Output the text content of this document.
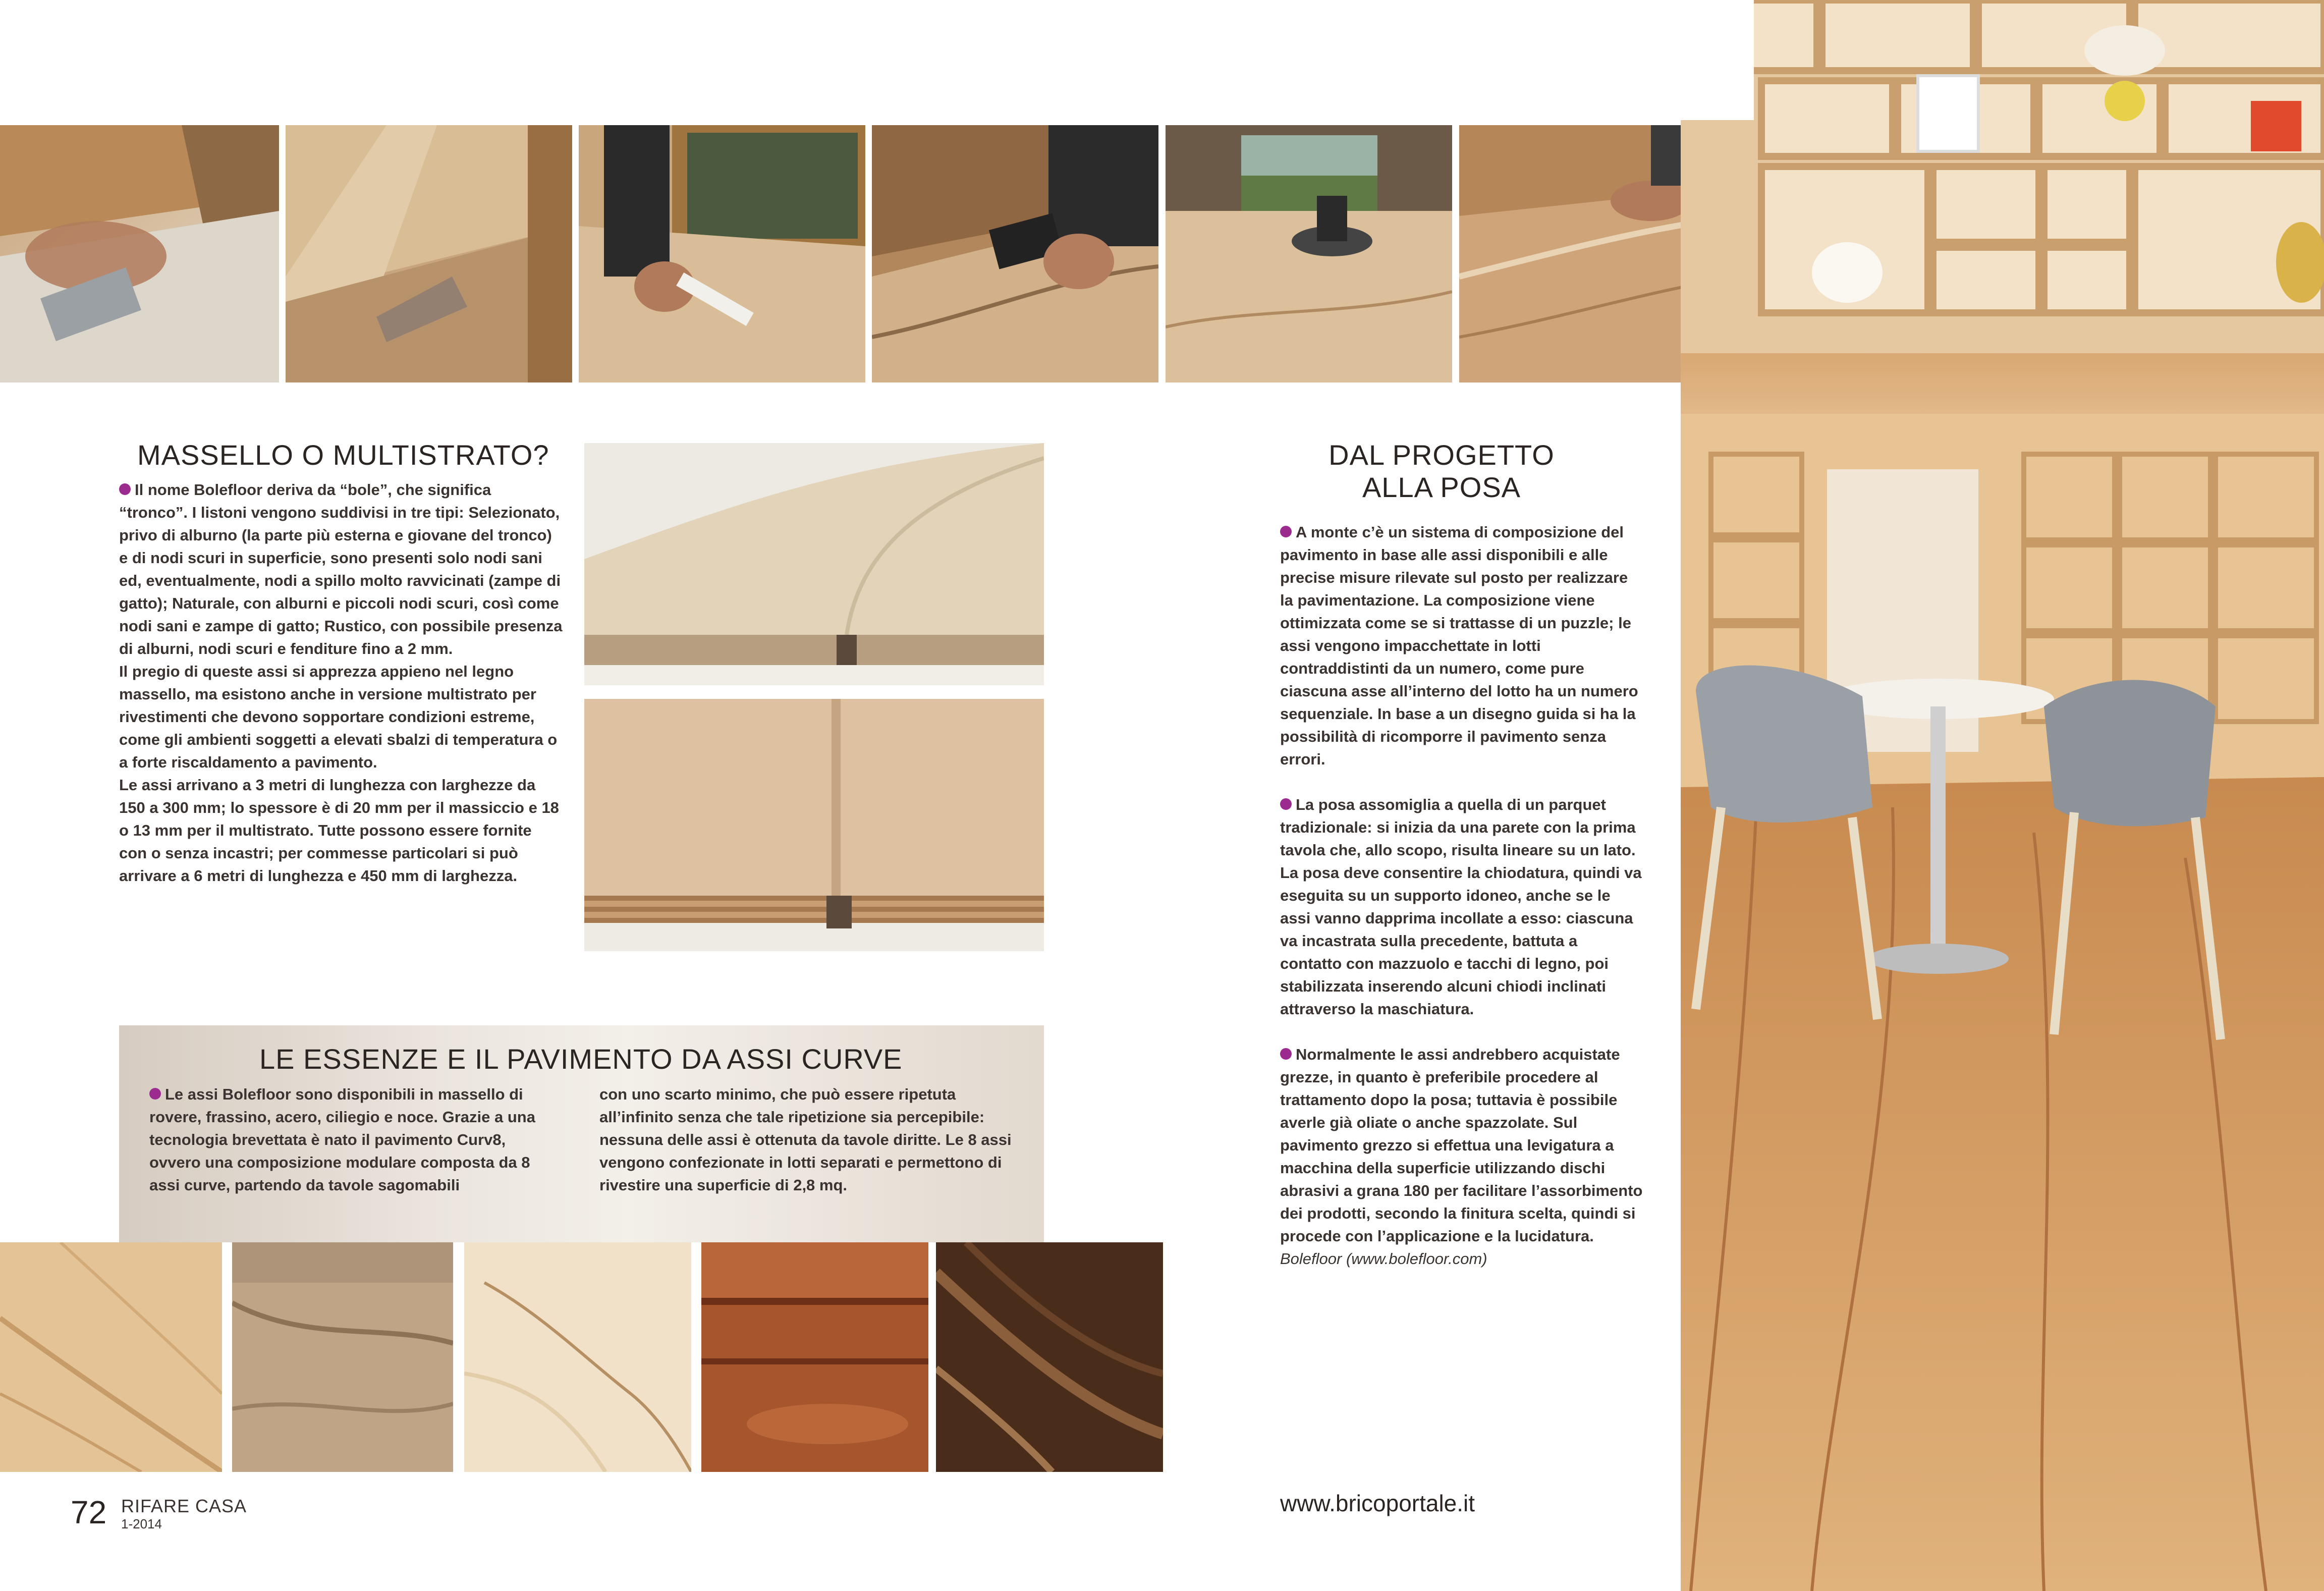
MASSELLO O MULTISTRATO?

Il nome Bolefloor deriva da “bole”, che significa “tronco”. I listoni vengono suddivisi in tre tipi: Selezionato, privo di alburno (la parte più esterna e giovane del tronco) e di nodi scuri in superficie, sono presenti solo nodi sani ed, eventualmente, nodi a spillo molto ravvicinati (zampe di gatto); Naturale, con alburni e piccoli nodi scuri, così come nodi sani e zampe di gatto; Rustico, con possibile presenza di alburni, nodi scuri e fenditure fino a 2 mm.

Il pregio di queste assi si apprezza appieno nel legno massello, ma esistono anche in versione multistrato per rivestimenti che devono sopportare condizioni estreme, come gli ambienti soggetti a elevati sbalzi di temperatura o a forte riscaldamento a pavimento.

Le assi arrivano a 3 metri di lunghezza con larghezze da 150 a 300 mm; lo spessore è di 20 mm per il massiccio e 18 o 13 mm per il multistrato. Tutte possono essere fornite con o senza incastri; per commesse particolari si può arrivare a 6 metri di lunghezza e 450 mm di larghezza.

LE ESSENZE E IL PAVIMENTO DA ASSI CURVE

Le assi Bolefloor sono disponibili in massello di rovere, frassino, acero, ciliegio e noce. Grazie a una tecnologia brevettata è nato il pavimento Curv8, ovvero una composizione modulare composta da 8 assi curve, partendo da tavole sagomabili

con uno scarto minimo, che può essere ripetuta all’infinito senza che tale ripetizione sia percepibile: nessuna delle assi è ottenuta da tavole diritte. Le 8 assi vengono confezionate in lotti separati e permettono di rivestire una superficie di 2,8 mq.

DAL PROGETTO
ALLA POSA

A monte c’è un sistema di composizione del pavimento in base alle assi disponibili e alle precise misure rilevate sul posto per realizzare la pavimentazione. La composizione viene ottimizzata come se si trattasse di un puzzle; le assi vengono impacchettate in lotti contraddistinti da un numero, come pure ciascuna asse all’interno del lotto ha un numero sequenziale. In base a un disegno guida si ha la possibilità di ricomporre il pavimento senza errori.

La posa assomiglia a quella di un parquet tradizionale: si inizia da una parete con la prima tavola che, allo scopo, risulta lineare su un lato. La posa deve consentire la chiodatura, quindi va eseguita su un supporto idoneo, anche se le assi vanno dapprima incollate a esso: ciascuna va incastrata sulla precedente, battuta a contatto con mazzuolo e tacchi di legno, poi stabilizzata inserendo alcuni chiodi inclinati attraverso la maschiatura.

Normalmente le assi andrebbero acquistate grezze, in quanto è preferibile procedere al trattamento dopo la posa; tuttavia è possibile averle già oliate o anche spazzolate. Sul pavimento grezzo si effettua una levigatura a macchina della superficie utilizzando dischi abrasivi a grana 180 per facilitare l’assorbimento dei prodotti, secondo la finitura scelta, quindi si procede con l’applicazione e la lucidatura.

Bolefloor (www.bolefloor.com)

72 RIFARE CASA
1-2014
www.bricoportale.it
